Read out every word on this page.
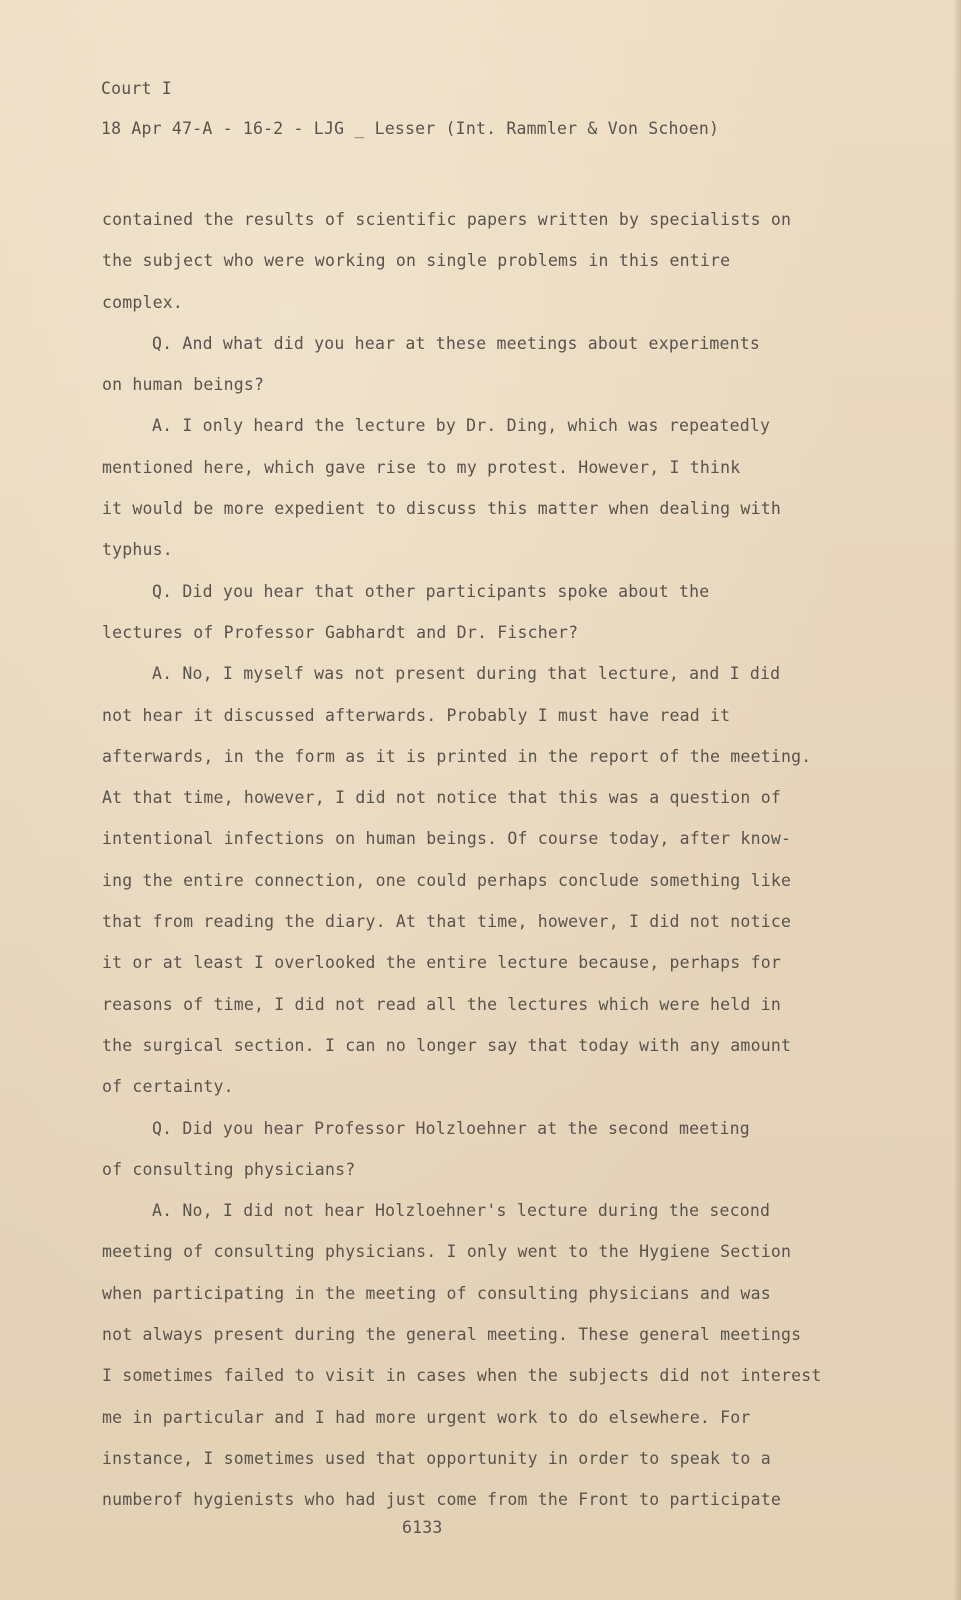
Court I
18 Apr 47-A - 16-2 - LJG _ Lesser (Int. Rammler & Von Schoen)

contained the results of scientific papers written by specialists on

the subject who were working on single problems in this entire

complex.

Q. And what did you hear at these meetings about experiments

on human beings?

A. I only heard the lecture by Dr. Ding, which was repeatedly

mentioned here, which gave rise to my protest. However, I think

it would be more expedient to discuss this matter when dealing with

typhus.

Q. Did you hear that other participants spoke about the

lectures of Professor Gabhardt and Dr. Fischer?

A. No, I myself was not present during that lecture, and I did

not hear it discussed afterwards. Probably I must have read it

afterwards, in the form as it is printed in the report of the meeting.

At that time, however, I did not notice that this was a question of

intentional infections on human beings. Of course today, after know-

ing the entire connection, one could perhaps conclude something like

that from reading the diary. At that time, however, I did not notice

it or at least I overlooked the entire lecture because, perhaps for

reasons of time, I did not read all the lectures which were held in

the surgical section. I can no longer say that today with any amount

of certainty.

Q. Did you hear Professor Holzloehner at the second meeting

of consulting physicians?

A. No, I did not hear Holzloehner's lecture during the second

meeting of consulting physicians. I only went to the Hygiene Section

when participating in the meeting of consulting physicians and was

not always present during the general meeting. These general meetings

I sometimes failed to visit in cases when the subjects did not interest

me in particular and I had more urgent work to do elsewhere. For

instance, I sometimes used that opportunity in order to speak to a

numberof hygienists who had just come from the Front to participate

6133
